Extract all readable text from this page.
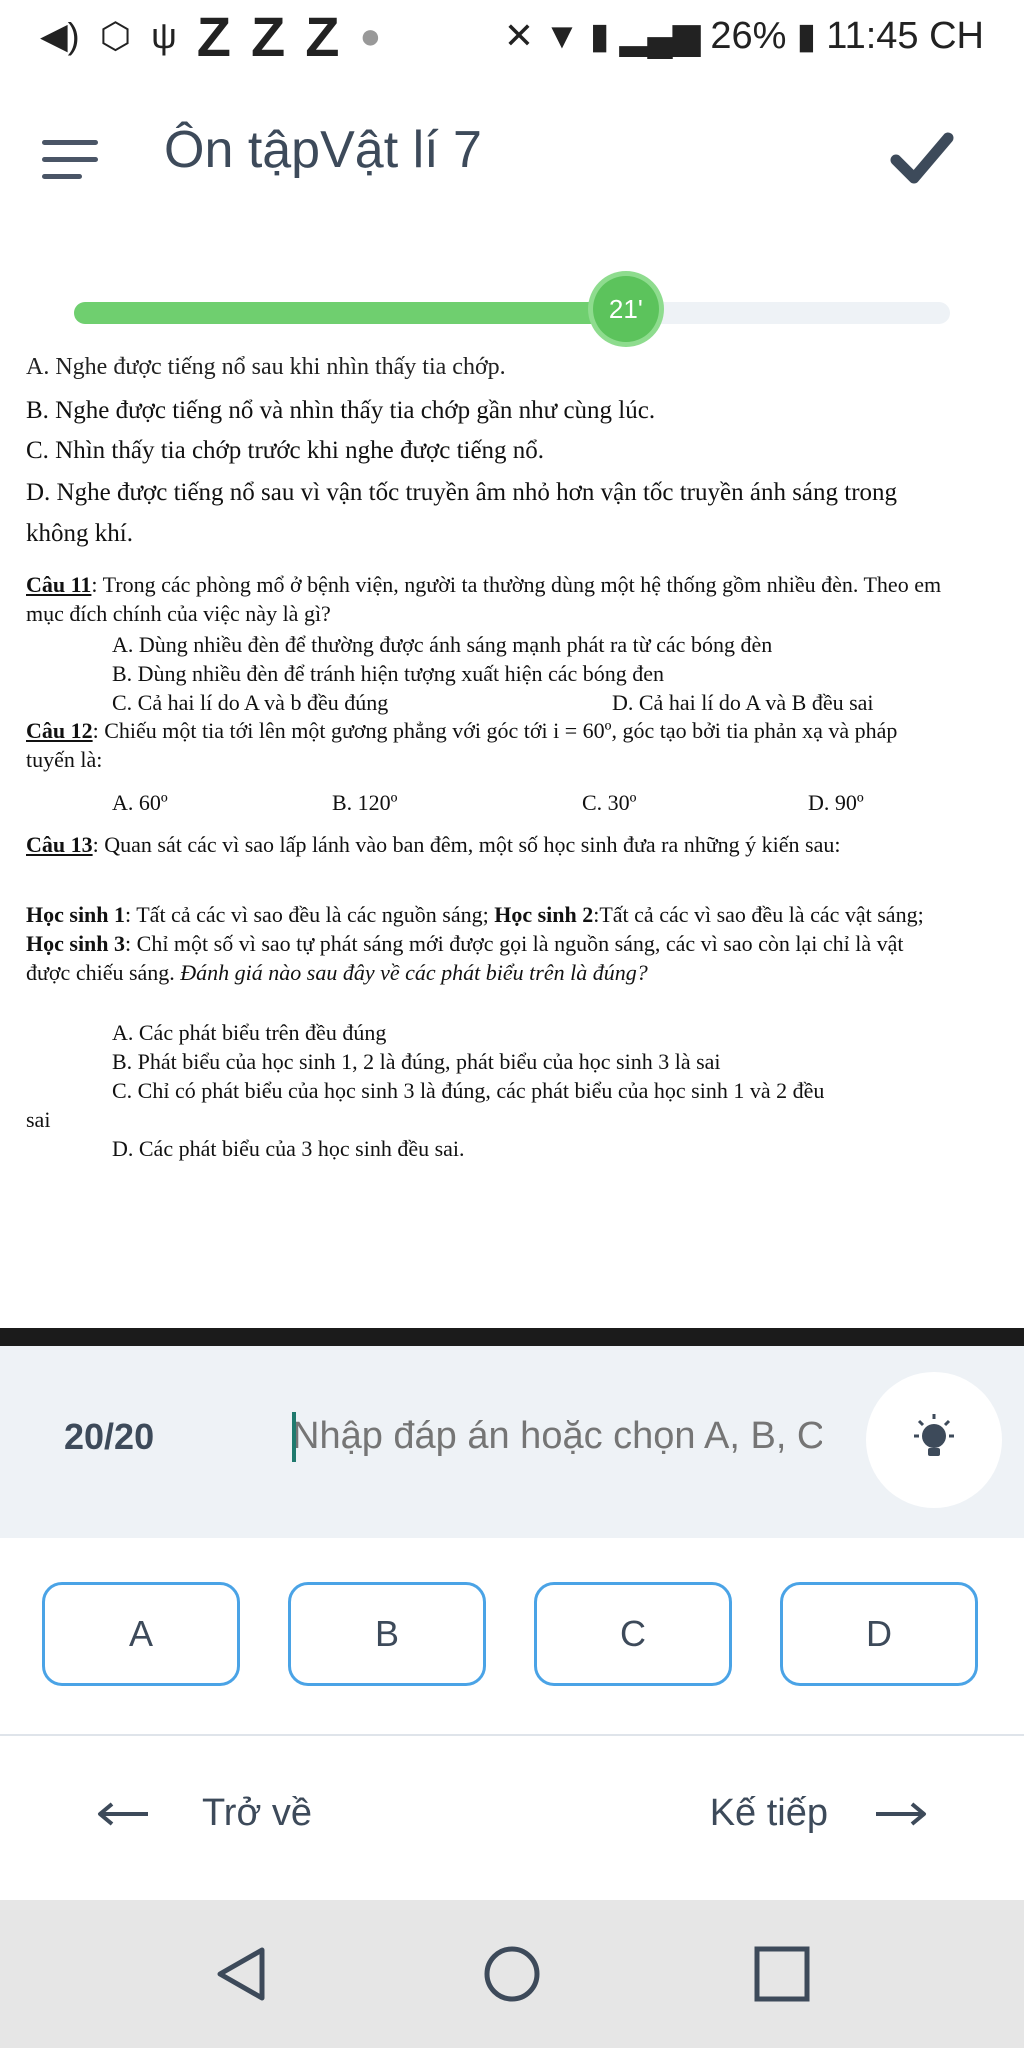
◀) ⬡ ψ Z Z Z ●	✕ ▼ ▮ ▂▄▆ 26% ▮ 11:45 CH
Ôn tậpVật lí 7
21'

A. Nghe được tiếng nổ sau khi nhìn thấy tia chớp.

B. Nghe được tiếng nổ và nhìn thấy tia chớp gần như cùng lúc.

C. Nhìn thấy tia chớp trước khi nghe được tiếng nổ.

D. Nghe được tiếng nổ sau vì vận tốc truyền âm nhỏ hơn vận tốc truyền ánh sáng trong không khí.

Câu 11: Trong các phòng mổ ở bệnh viện, người ta thường dùng một hệ thống gồm nhiều đèn. Theo em mục đích chính của việc này là gì?

A. Dùng nhiều đèn để thường được ánh sáng mạnh phát ra từ các bóng đèn

B. Dùng nhiều đèn để tránh hiện tượng xuất hiện các bóng đen

C. Cả hai lí do A và b đều đúng	D. Cả hai lí do A và B đều sai

Câu 12: Chiếu một tia tới lên một gương phẳng với góc tới i = 60º, góc tạo bởi tia phản xạ và pháp tuyến là:

A. 60º	B. 120º	C. 30º	D. 90º

Câu 13: Quan sát các vì sao lấp lánh vào ban đêm, một số học sinh đưa ra những ý kiến sau:

Học sinh 1: Tất cả các vì sao đều là các nguồn sáng; Học sinh 2:Tất cả các vì sao đều là các vật sáng; Học sinh 3: Chỉ một số vì sao tự phát sáng mới được gọi là nguồn sáng, các vì sao còn lại chỉ là vật được chiếu sáng. Đánh giá nào sau đây về các phát biểu trên là đúng?

A. Các phát biểu trên đều đúng

B. Phát biểu của học sinh 1, 2 là đúng, phát biểu của học sinh 3 là sai

C. Chỉ có phát biểu của học sinh 3 là đúng, các phát biểu của học sinh 1 và 2 đều

sai

D. Các phát biểu của 3 học sinh đều sai.

20/20
Nhập đáp án hoặc chọn A, B, C, D
A	B	C	D
Trở về	Kế tiếp
